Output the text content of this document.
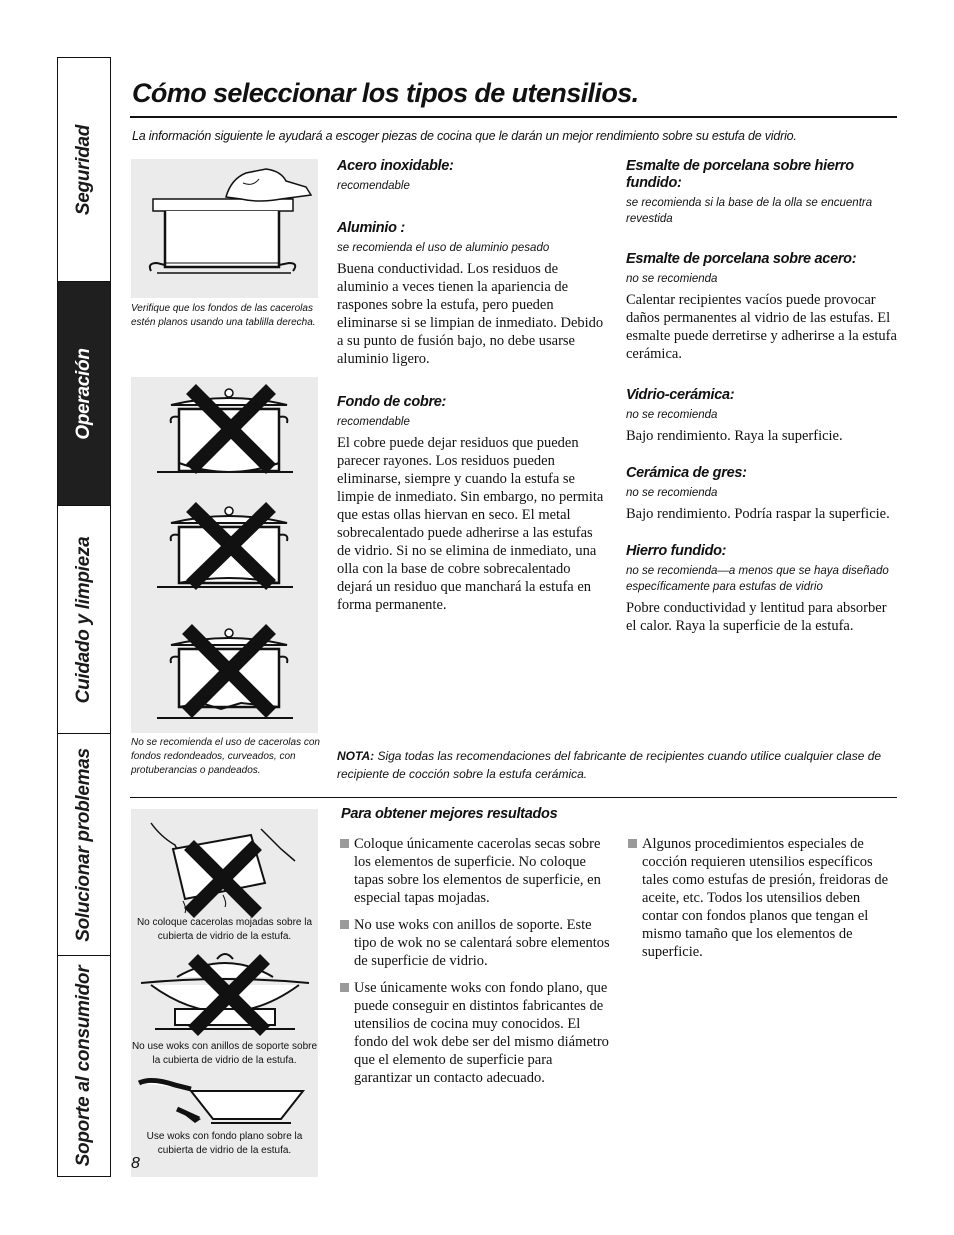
Seguridad
Operación
Cuidado y limpieza
Solucionar problemas
Soporte al consumidor
Cómo seleccionar los tipos de utensilios.
La información siguiente le ayudará a escoger piezas de cocina que le darán un mejor rendimiento sobre su estufa de vidrio.
Verifique que los fondos de las cacerolas estén planos usando una tablilla derecha.
No se recomienda el uso de cacerolas con fondos redondeados, curveados, con protuberancias o pandeados.
Acero inoxidable:
recomendable
Aluminio :
se recomienda el uso de aluminio pesado
Buena conductividad. Los residuos de aluminio a veces tienen la apariencia de raspones sobre la estufa, pero pueden eliminarse si se limpian de inmediato. Debido a su punto de fusión bajo, no debe usarse aluminio ligero.
Fondo de cobre:
recomendable
El cobre puede dejar residuos que pueden parecer rayones. Los residuos pueden eliminarse, siempre y cuando la estufa se limpie de inmediato. Sin embargo, no permita que estas ollas hiervan en seco. El metal sobrecalentado puede adherirse a las estufas de vidrio. Si no se elimina de inmediato, una olla con la base de cobre sobrecalentado dejará un residuo que manchará la estufa en forma permanente.
Esmalte de porcelana sobre hierro fundido:
se recomienda si la base de la olla se encuentra revestida
Esmalte de porcelana sobre acero:
no se recomienda
Calentar recipientes vacíos puede provocar daños permanentes al vidrio de las estufas. El esmalte puede derretirse y adherirse a la estufa cerámica.
Vidrio-cerámica:
no se recomienda
Bajo rendimiento. Raya la superficie.
Cerámica de gres:
no se recomienda
Bajo rendimiento. Podría raspar la superficie.
Hierro fundido:
no se recomienda—a menos que se haya diseñado específicamente para estufas de vidrio
Pobre conductividad y lentitud para absorber el calor. Raya la superficie de la estufa.
NOTA: Siga todas las recomendaciones del fabricante de recipientes cuando utilice cualquier clase de recipiente de cocción sobre la estufa cerámica.
No coloque cacerolas mojadas sobre la cubierta de vidrio de la estufa.
No use woks con anillos de soporte sobre la cubierta de vidrio de la estufa.
Use woks con fondo plano sobre la cubierta de vidrio de la estufa.
Para obtener mejores resultados
Coloque únicamente cacerolas secas sobre los elementos de superficie. No coloque tapas sobre los elementos de superficie, en especial tapas mojadas.
No use woks con anillos de soporte. Este tipo de wok no se calentará sobre elementos de superficie de vidrio.
Use únicamente woks con fondo plano, que puede conseguir en distintos fabricantes de utensilios de cocina muy conocidos. El fondo del wok debe ser del mismo diámetro que el elemento de superficie para garantizar un contacto adecuado.
Algunos procedimientos especiales de cocción requieren utensilios específicos tales como estufas de presión, freidoras de aceite, etc. Todos los utensilios deben contar con fondos planos que tengan el mismo tamaño que los elementos de superficie.
8
